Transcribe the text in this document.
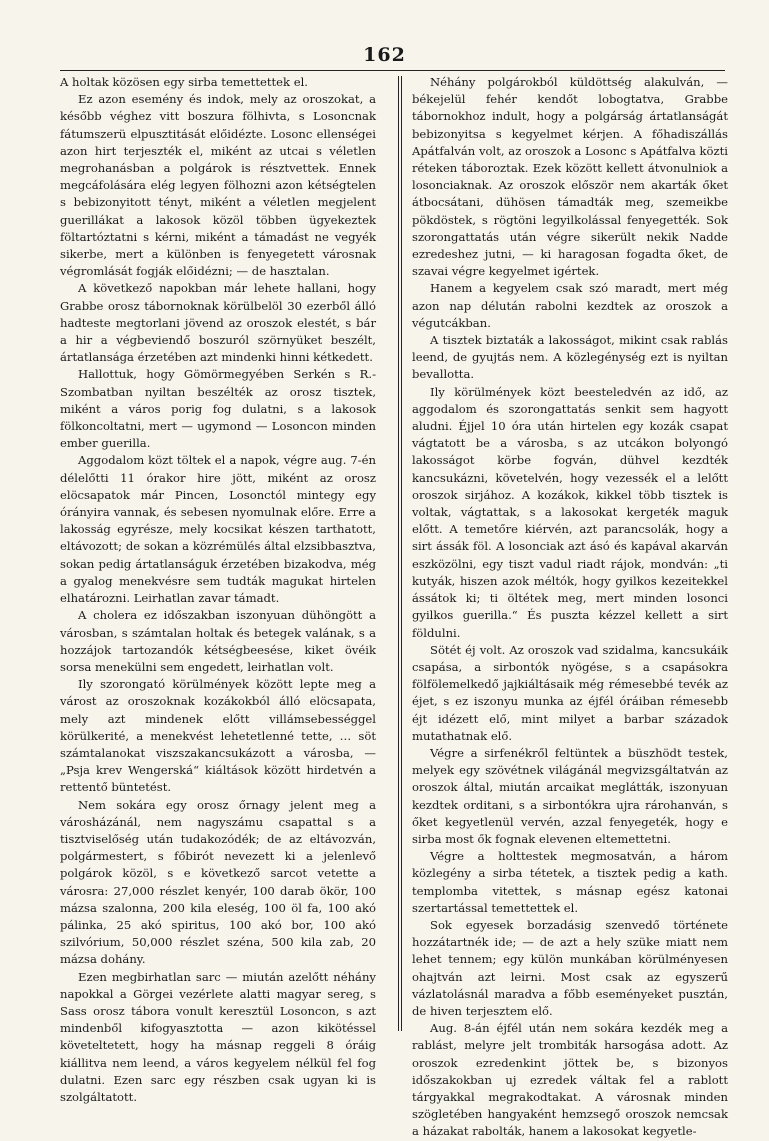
162

A holtak közösen egy sirba temettettek el.

Ez azon esemény és indok, mely az oroszokat, a később véghez vitt boszura fölhivta, s Losoncnak fátumszerü elpusztitását előidézte. Losonc ellenségei azon hirt terjeszték el, miként az utcai s véletlen megrohanásban a polgárok is résztvettek. Ennek megcáfolására elég legyen fölhozni azon kétségtelen s bebizonyitott tényt, miként a véletlen megjelent guerillákat a lakosok közöl többen ügyekeztek föltartóztatni s kérni, miként a támadást ne vegyék sikerbe, mert a különben is fenyegetett városnak végromlását fogják előidézni; — de hasztalan.

A következő napokban már lehete hallani, hogy Grabbe orosz tábornoknak körülbelöl 30 ezerből álló hadteste megtorlani jövend az oroszok elestét, s bár a hir a végbeviendő boszuról szörnyüket beszélt, ártatlansága érzetében azt mindenki hinni kétkedett.

Hallottuk, hogy Gömörmegyében Serkén s R.-Szombatban nyiltan beszélték az orosz tisztek, miként a város porig fog dulatni, s a lakosok fölkoncoltatni, mert — ugymond — Losoncon minden ember guerilla.

Aggodalom közt töltek el a napok, végre aug. 7-én délelőtti 11 órakor hire jött, miként az orosz elöcsapatok már Pincen, Losonctól mintegy egy órányira vannak, és sebesen nyomulnak előre. Erre a lakosság egyrésze, mely kocsikat készen tarthatott, eltávozott; de sokan a közrémülés által elzsibbasztva, sokan pedig ártatlanságuk érzetében bizakodva, még a gyalog menekvésre sem tudták magukat hirtelen elhatározni. Leirhatlan zavar támadt.

A cholera ez időszakban iszonyuan dühöngött a városban, s számtalan holtak és betegek valának, s a hozzájok tartozandók kétségbeesése, kiket övéik sorsa menekülni sem engedett, leirhatlan volt.

Ily szorongató körülmények között lepte meg a várost az oroszoknak kozákokból álló elöcsapata, mely azt mindenek előtt villámsebességgel körülkerité, a menekvést lehetetlenné tette, … söt számtalanokat viszszakancsukázott a városba, — „Psja krev Wengerská“ kiáltások között hirdetvén a rettentő büntetést.

Nem sokára egy orosz őrnagy jelent meg a városházánál, nem nagyszámu csapattal s a tisztviselőség után tudakozódék; de az eltávozván, polgármestert, s főbirót nevezett ki a jelenlevő polgárok közöl, s e következő sarcot vetette a városra: 27,000 részlet kenyér, 100 darab ökör, 100 mázsa szalonna, 200 kila eleség, 100 öl fa, 100 akó pálinka, 25 akó spiritus, 100 akó bor, 100 akó szilvórium, 50,000 részlet széna, 500 kila zab, 20 mázsa dohány.

Ezen megbirhatlan sarc — miután azelőtt néhány napokkal a Görgei vezérlete alatti magyar sereg, s Sass orosz tábora vonult keresztül Losoncon, s azt mindenből kifogyasztotta — azon kikötéssel követeltetett, hogy ha másnap reggeli 8 óráig kiállitva nem leend, a város kegyelem nélkül fel fog dulatni. Ezen sarc egy részben csak ugyan ki is szolgáltatott.

Néhány polgárokból küldöttség alakulván, — békejelül fehér kendőt lobogtatva, Grabbe tábornokhoz indult, hogy a polgárság ártatlanságát bebizonyitsa s kegyelmet kérjen. A főhadiszállás Apátfalván volt, az oroszok a Losonc s Apátfalva közti réteken táboroztak. Ezek között kellett átvonulniok a losonciaknak. Az oroszok először nem akarták őket átbocsátani, dühösen támadták meg, szemeikbe pökdöstek, s rögtöni legyilkolással fenyegették. Sok szorongattatás után végre sikerült nekik Nadde ezredeshez jutni, — ki haragosan fogadta őket, de szavai végre kegyelmet igértek.

Hanem a kegyelem csak szó maradt, mert még azon nap délután rabolni kezdtek az oroszok a végutcákban.

A tisztek biztaták a lakosságot, mikint csak rablás leend, de gyujtás nem. A közlegénység ezt is nyiltan bevallotta.

Ily körülmények közt beesteledvén az idő, az aggodalom és szorongattatás senkit sem hagyott aludni. Éjjel 10 óra után hirtelen egy kozák csapat vágtatott be a városba, s az utcákon bolyongó lakosságot körbe fogván, dühvel kezdték kancsukázni, követelvén, hogy vezessék el a lelőtt oroszok sirjához. A kozákok, kikkel több tisztek is voltak, vágtattak, s a lakosokat kergeték maguk előtt. A temetőre kiérvén, azt parancsolák, hogy a sirt ássák föl. A losonciak azt ásó és kapával akarván eszközölni, egy tiszt vadul riadt rájok, mondván: „ti kutyák, hiszen azok méltók, hogy gyilkos kezeitekkel ássátok ki; ti öltétek meg, mert minden losonci gyilkos guerilla.“ És puszta kézzel kellett a sirt földulni.

Sötét éj volt. Az oroszok vad szidalma, kancsukáik csapása, a sirbontók nyögése, s a csapásokra fölfölemelkedő jajkiáltásaik még rémesebbé tevék az éjet, s ez iszonyu munka az éjfél óráiban rémesebb éjt idézett elő, mint milyet a barbar századok mutathatnak elő.

Végre a sirfenékről feltüntek a büszhödt testek, melyek egy szövétnek világánál megvizsgáltatván az oroszok által, miután arcaikat meglátták, iszonyuan kezdtek orditani, s a sirbontókra ujra rárohanván, s őket kegyetlenül vervén, azzal fenyegeték, hogy e sirba most ők fognak elevenen eltemettetni.

Végre a holttestek megmosatván, a három közlegény a sirba tétetek, a tisztek pedig a kath. templomba vitettek, s másnap egész katonai szertartással temettettek el.

Sok egyesek borzadásig szenvedő története hozzátartnék ide; — de azt a hely szüke miatt nem lehet tennem; egy külön munkában körülményesen ohajtván azt leirni. Most csak az egyszerű vázlatolásnál maradva a főbb eseményeket pusztán, de hiven terjesztem elő.

Aug. 8-án éjfél után nem sokára kezdék meg a rablást, melyre jelt trombiták harsogása adott. Az oroszok ezredenkint jöttek be, s bizonyos időszakokban uj ezredek váltak fel a rablott tárgyakkal megrakodtakat. A városnak minden szögletében hangyaként hemzsegő oroszok nemcsak a házakat rabolták, hanem a lakosokat kegyetle-
